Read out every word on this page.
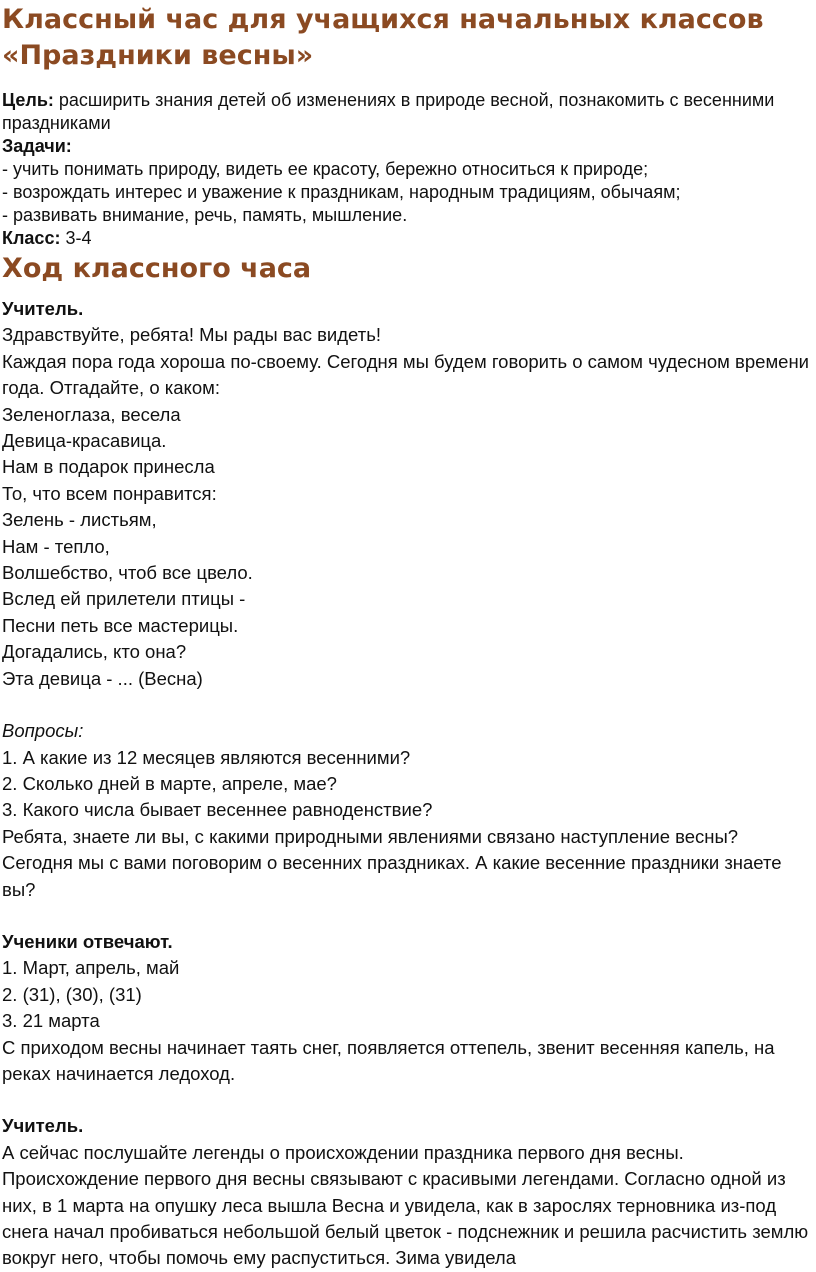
Классный час для учащихся начальных классов «Праздники весны»

Цель: расширить знания детей об изменениях в природе весной, познакомить с весенними праздниками

Задачи:

- учить понимать природу, видеть ее красоту, бережно относиться к природе;

- возрождать интерес и уважение к праздникам, народным традициям, обычаям;

- развивать внимание, речь, память, мышление.

Класс: 3-4

Ход классного часа

Учитель.

Здравствуйте, ребята! Мы рады вас видеть!

Каждая пора года хороша по-своему. Сегодня мы будем говорить о самом чудесном времени года. Отгадайте, о каком:

Зеленоглаза, весела

Девица-красавица.

Нам в подарок принесла

То, что всем понравится:

Зелень - листьям,

Нам - тепло,

Волшебство, чтоб все цвело.

Вслед ей прилетели птицы -

Песни петь все мастерицы.

Догадались, кто она?

Эта девица - ... (Весна)

Вопросы:

1. А какие из 12 месяцев являются весенними?

2. Сколько дней в марте, апреле, мае?

3. Какого числа бывает весеннее равноденствие?

Ребята, знаете ли вы, с какими природными явлениями связано наступление весны?

Сегодня мы с вами поговорим о весенних праздниках. А какие весенние праздники знаете вы?

Ученики отвечают.

1. Март, апрель, май

2. (31), (30), (31)

3. 21 марта

С приходом весны начинает таять снег, появляется оттепель, звенит весенняя капель, на реках начинается ледоход.

Учитель.

А сейчас послушайте легенды о происхождении праздника первого дня весны.

Происхождение первого дня весны связывают с красивыми легендами. Согласно одной из них, в 1 марта на опушку леса вышла Весна и увидела, как в зарослях терновника из-под снега начал пробиваться небольшой белый цветок - подснежник и решила расчистить землю вокруг него, чтобы помочь ему распуститься. Зима увидела
